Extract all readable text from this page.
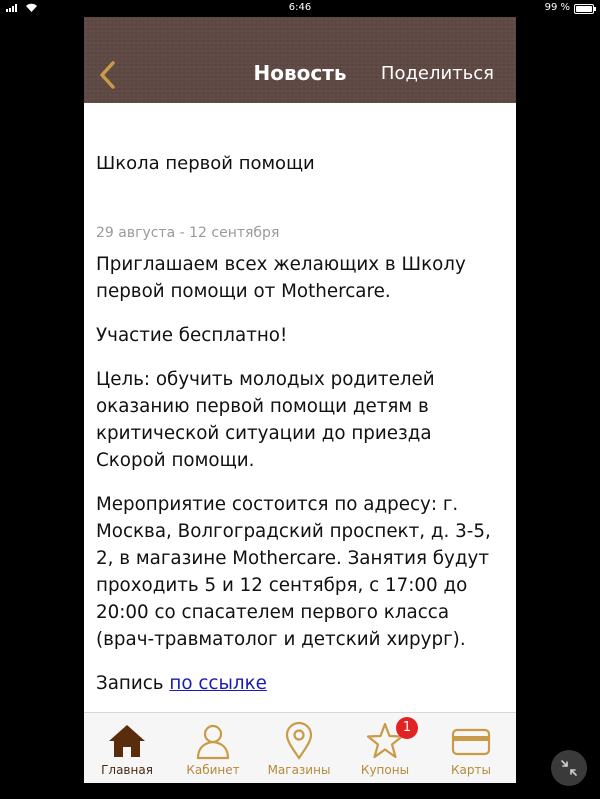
6:46	99 %
Новость	Поделиться
Школа первой помощи
29 августа - 12 сентября

Приглашаем всех желающих в Школу первой помощи от Mothercare.

Участие бесплатно!

Цель: обучить молодых родителей оказанию первой помощи детям в критической ситуации до приезда Скорой помощи.

Мероприятие состоится по адресу: г. Москва, Волгоградский проспект, д. 3-5, 2, в магазине Mothercare. Занятия будут проходить 5 и 12 сентября, с 17:00 до 20:00 со спасателем первого класса (врач-травматолог и детский хирург).

Запись по ссылке

Главная	Кабинет	Магазины
1
Купоны	Карты
